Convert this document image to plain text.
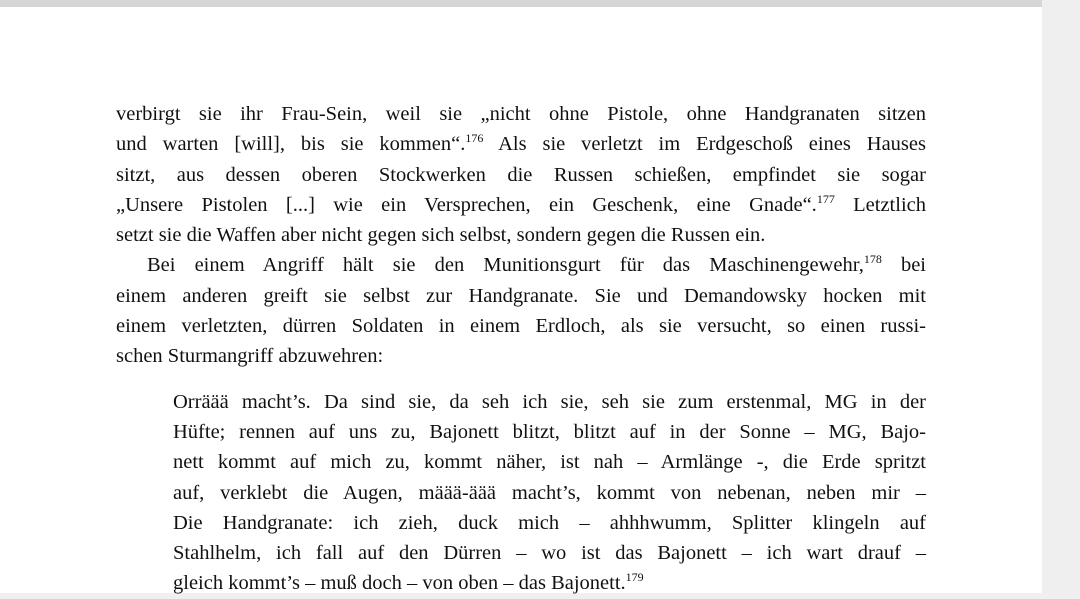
verbirgt sie ihr Frau-Sein, weil sie „nicht ohne Pistole, ohne Handgranaten sitzen
und warten [will], bis sie kommen“.$^{176}$ Als sie verletzt im Erdgeschoß eines Hauses
sitzt, aus dessen oberen Stockwerken die Russen schießen, empfindet sie sogar
„Unsere Pistolen [...] wie ein Versprechen, ein Geschenk, eine Gnade“.$^{177}$ Letztlich
setzt sie die Waffen aber nicht gegen sich selbst, sondern gegen die Russen ein.
Bei einem Angriff hält sie den Munitionsgurt für das Maschinengewehr,$^{178}$ bei
einem anderen greift sie selbst zur Handgranate. Sie und Demandowsky hocken mit
einem verletzten, dürren Soldaten in einem Erdloch, als sie versucht, so einen russi-
schen Sturmangriff abzuwehren:
Orräää macht’s. Da sind sie, da seh ich sie, seh sie zum erstenmal, MG in der
Hüfte; rennen auf uns zu, Bajonett blitzt, blitzt auf in der Sonne – MG, Bajo-
nett kommt auf mich zu, kommt näher, ist nah – Armlänge -, die Erde spritzt
auf, verklebt die Augen, määä-äää macht’s, kommt von nebenan, neben mir –
Die Handgranate: ich zieh, duck mich – ahhhwumm, Splitter klingeln auf
Stahlhelm, ich fall auf den Dürren – wo ist das Bajonett – ich wart drauf –
gleich kommt’s – muß doch – von oben – das Bajonett.$^{179}$
